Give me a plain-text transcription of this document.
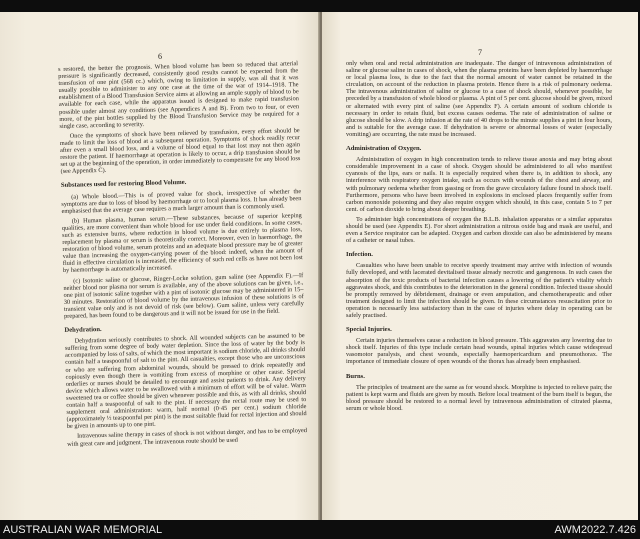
6

s restored, the better the prognosis. When blood volume has been so reduced that arterial pressure is significantly decreased, consistently good results cannot be expected from the transfusion of one pint (568 cc.) which, owing to limitation in supply, was all that it was usually possible to administer to any one case at the time of the war of 1914–1918. The establishment of a Blood Transfusion Service aims at allowing an ample supply of blood to be available for each case, while the apparatus issued is designed to make rapid transfusion possible under almost any conditions (see Appendices A and B). From two to four, or even more, of the pint bottles supplied by the Blood Transfusion Service may be required for a single case, according to severity.

Once the symptoms of shock have been relieved by transfusion, every effort should be made to limit the loss of blood at a subsequent operation. Symptoms of shock readily recur after even a small blood loss, and a volume of blood equal to that lost may not then again restore the patient. If haemorrhage at operation is likely to occur, a drip transfusion should be set up at the beginning of the operation, in order immediately to compensate for any blood loss (see Appendix C).

Substances used for restoring Blood Volume.

(a) Whole blood.—This is of proved value for shock, irrespective of whether the symptoms are due to loss of blood by haemorrhage or to local plasma loss. It has already been emphasised that the average case requires a much larger amount than is commonly used.

(b) Human plasma, human serum.—These substances, because of superior keeping qualities, are more convenient than whole blood for use under field conditions. In some cases, such as extensive burns, where reduction in blood volume is due entirely to plasma loss, replacement by plasma or serum is theoretically correct. Moreover, even in haemorrhage, the restoration of blood volume, serum proteins and an adequate blood pressure may be of greater value than increasing the oxygen-carrying power of the blood: indeed, when the amount of fluid in effective circulation is increased, the efficiency of such red cells as have not been lost by haemorrhage is automatically increased.

(c) Isotonic saline or glucose, Ringer-Locke solution, gum saline (see Appendix F).—If neither blood nor plasma nor serum is available, any of the above solutions can be given, i.e., one pint of isotonic saline together with a pint of isotonic glucose may be administered in 15–30 minutes. Restoration of blood volume by the intravenous infusion of these solutions is of transient value only and is not devoid of risk (see below). Gum saline, unless very carefully prepared, has been found to be dangerous and it will not be issued for use in the field.

Dehydration.

Dehydration seriously contributes to shock. All wounded subjects can be assumed to be suffering from some degree of body water depletion. Since the loss of water by the body is accompanied by loss of salts, of which the most important is sodium chloride, all drinks should contain half a teaspoonful of salt to the pint. All casualties, except those who are unconscious or who are suffering from abdominal wounds, should be pressed to drink repeatedly and copiously even though there is vomiting from excess of morphine or other cause. Special orderlies or nurses should be detailed to encourage and assist patients to drink. Any delivery device which allows water to be swallowed with a minimum of effort will be of value. Warm sweetened tea or coffee should be given whenever possible and this, as with all drinks, should contain half a teaspoonful of salt to the pint. If necessary the rectal route may be used to supplement oral administration: warm, half normal (0·45 per cent.) sodium chloride (approximately ½ teaspoonful per pint) is the most suitable fluid for rectal injection and should be given in amounts up to one pint.

Intravenous saline therapy in cases of shock is not without danger, and has to be employed with great care and judgment. The intravenous route should be used

7

only when oral and rectal administration are inadequate. The danger of intravenous administration of saline or glucose saline in cases of shock, when the plasma proteins have been depleted by haemorrhage or local plasma loss, is due to the fact that the normal amount of water cannot be retained in the circulation, on account of the reduction in plasma protein. Hence there is a risk of pulmonary oedema. The intravenous administration of saline or glucose to a case of shock should, whenever possible, be preceded by a transfusion of whole blood or plasma. A pint of 5 per cent. glucose should be given, mixed or alternated with every pint of saline (see Appendix F). A certain amount of sodium chloride is necessary in order to retain fluid, but excess causes oedema. The rate of administration of saline or glucose should be slow. A drip infusion at the rate of 40 drops to the minute supplies a pint in four hours, and is suitable for the average case. If dehydration is severe or abnormal losses of water (especially vomiting) are occurring, the rate must be increased.

Administration of Oxygen.

Administration of oxygen in high concentration tends to relieve tissue anoxia and may bring about considerable improvement in a case of shock. Oxygen should be administered to all who manifest cyanosis of the lips, ears or nails. It is especially required when there is, in addition to shock, any interference with respiratory oxygen intake, such as occurs with wounds of the chest and airway, and with pulmonary oedema whether from gassing or from the grave circulatory failure found in shock itself. Furthermore, persons who have been involved in explosions in enclosed places frequently suffer from carbon monoxide poisoning and they also require oxygen which should, in this case, contain 5 to 7 per cent. of carbon dioxide to bring about deeper breathing.

To administer high concentrations of oxygen the B.L.B. inhalation apparatus or a similar apparatus should be used (see Appendix E). For short administration a nitrous oxide bag and mask are useful, and even a Service respirator can be adapted. Oxygen and carbon dioxide can also be administered by means of a catheter or nasal tubes.

Infection.

Casualties who have been unable to receive speedy treatment may arrive with infection of wounds fully developed, and with lacerated devitalised tissue already necrotic and gangrenous. In such cases the absorption of the toxic products of bacterial infection causes a lowering of the patient's vitality which aggravates shock, and this contributes to the deterioration in the general condition. Infected tissue should be promptly removed by débridement, drainage or even amputation, and chemotherapeutic and other treatment designed to limit the infection should be given. In these circumstances resuscitation prior to operation is necessarily less satisfactory than in the case of injuries where delay in operating can be safely practised.

Special Injuries.

Certain injuries themselves cause a reduction in blood pressure. This aggravates any lowering due to shock itself. Injuries of this type include certain head wounds, spinal injuries which cause widespread vasomotor paralysis, and chest wounds, especially haemopericardium and pneumothorax. The importance of immediate closure of open wounds of the thorax has already been emphasised.

Burns.

The principles of treatment are the same as for wound shock. Morphine is injected to relieve pain; the patient is kept warm and fluids are given by mouth. Before local treatment of the burn itself is begun, the blood pressure should be restored to a normal level by intravenous administration of citrated plasma, serum or whole blood.

AUSTRALIAN WAR MEMORIAL	AWM2022.7.426
